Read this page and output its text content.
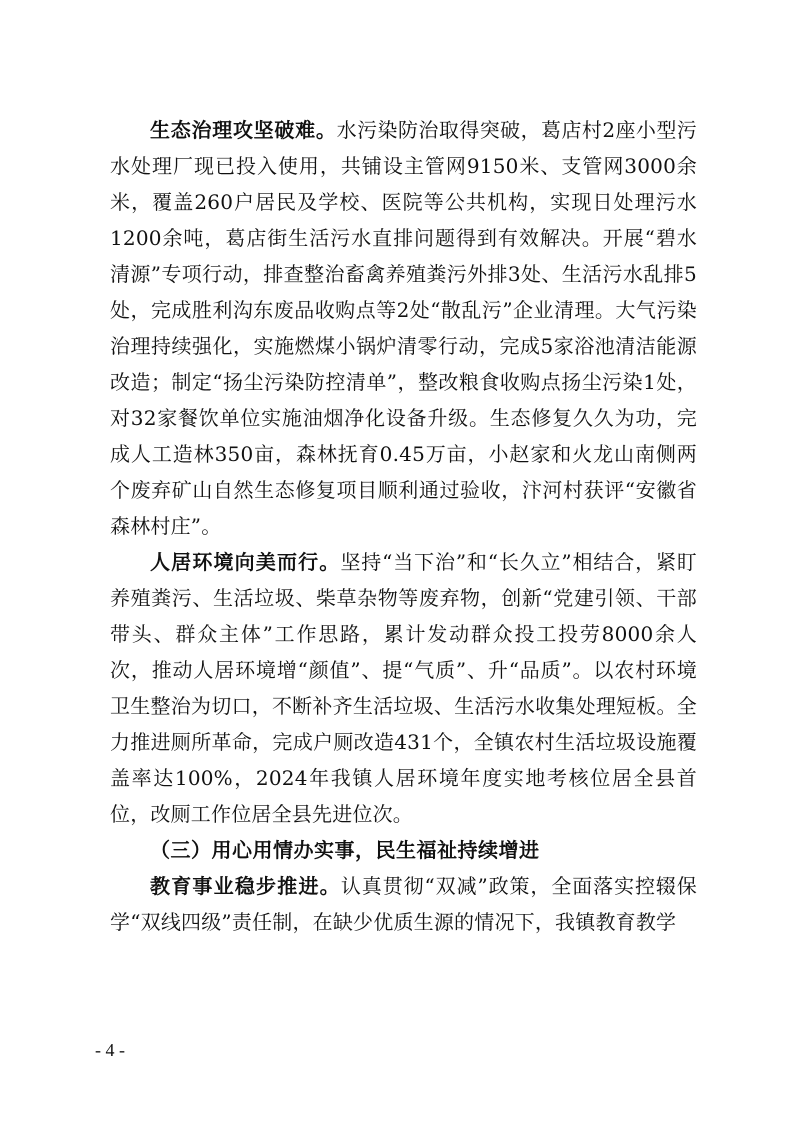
生态治理攻坚破难。水污染防治取得突破，葛店村2座小型污水处理厂现已投入使用，共铺设主管网9150米、支管网3000余米，覆盖260户居民及学校、医院等公共机构，实现日处理污水1200余吨，葛店街生活污水直排问题得到有效解决。开展“碧水清源”专项行动，排查整治畜禽养殖粪污外排3处、生活污水乱排5处，完成胜利沟东废品收购点等2处“散乱污”企业清理。大气污染治理持续强化，实施燃煤小锅炉清零行动，完成5家浴池清洁能源改造；制定“扬尘污染防控清单”，整改粮食收购点扬尘污染1处，对32家餐饮单位实施油烟净化设备升级。生态修复久久为功，完成人工造林350亩，森林抚育0.45万亩，小赵家和火龙山南侧两个废弃矿山自然生态修复项目顺利通过验收，汴河村获评“安徽省森林村庄”。

人居环境向美而行。坚持“当下治”和“长久立”相结合，紧盯养殖粪污、生活垃圾、柴草杂物等废弃物，创新“党建引领、干部带头、群众主体”工作思路，累计发动群众投工投劳8000余人次，推动人居环境增“颜值”、提“气质”、升“品质”。以农村环境卫生整治为切口，不断补齐生活垃圾、生活污水收集处理短板。全力推进厕所革命，完成户厕改造431个，全镇农村生活垃圾设施覆盖率达100%，2024年我镇人居环境年度实地考核位居全县首位，改厕工作位居全县先进位次。

（三）用心用情办实事，民生福祉持续增进

教育事业稳步推进。认真贯彻“双减”政策，全面落实控辍保学“双线四级”责任制，在缺少优质生源的情况下，我镇教育教学

- 4 -
